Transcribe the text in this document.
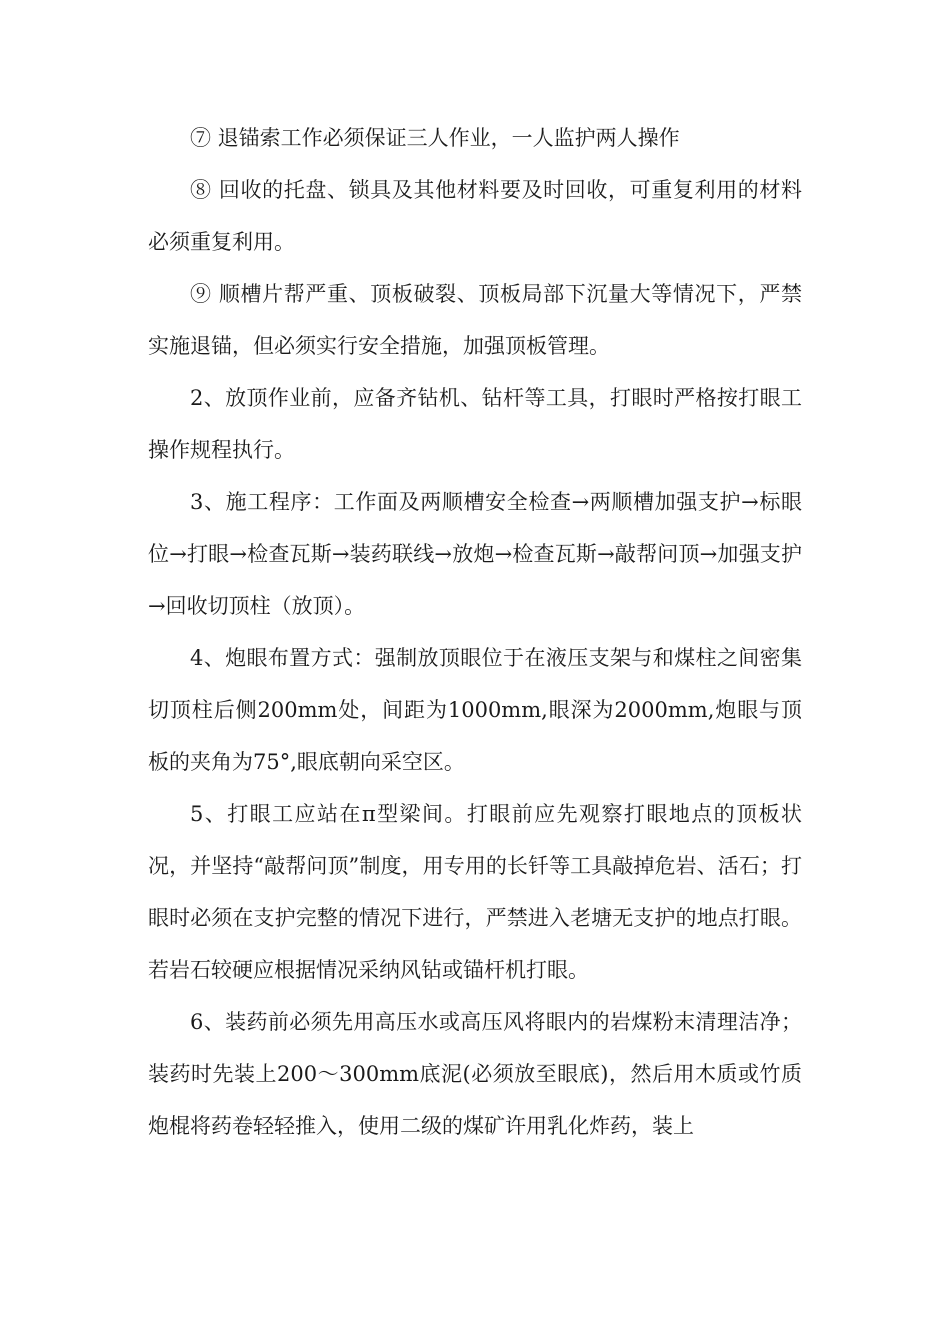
⑦ 退锚索工作必须保证三人作业，一人监护两人操作

⑧ 回收的托盘、锁具及其他材料要及时回收，可重复利用的材料必须重复利用。

⑨ 顺槽片帮严重、顶板破裂、顶板局部下沉量大等情况下，严禁实施退锚，但必须实行安全措施，加强顶板管理。

2、放顶作业前，应备齐钻机、钻杆等工具，打眼时严格按打眼工操作规程执行。

3、施工程序：工作面及两顺槽安全检查→两顺槽加强支护→标眼位→打眼→检查瓦斯→装药联线→放炮→检查瓦斯→敲帮问顶→加强支护→回收切顶柱（放顶）。

4、炮眼布置方式：强制放顶眼位于在液压支架与和煤柱之间密集切顶柱后侧200mm处，间距为1000mm,眼深为2000mm,炮眼与顶板的夹角为75°,眼底朝向采空区。

5、打眼工应站在π型梁间。打眼前应先观察打眼地点的顶板状况，并坚持“敲帮问顶”制度，用专用的长钎等工具敲掉危岩、活石；打眼时必须在支护完整的情况下进行，严禁进入老塘无支护的地点打眼。若岩石较硬应根据情况采纳风钻或锚杆机打眼。

6、装药前必须先用高压水或高压风将眼内的岩煤粉末清理洁净；装药时先装上200～300mm底泥(必须放至眼底)，然后用木质或竹质炮棍将药卷轻轻推入，使用二级的煤矿许用乳化炸药，装上
